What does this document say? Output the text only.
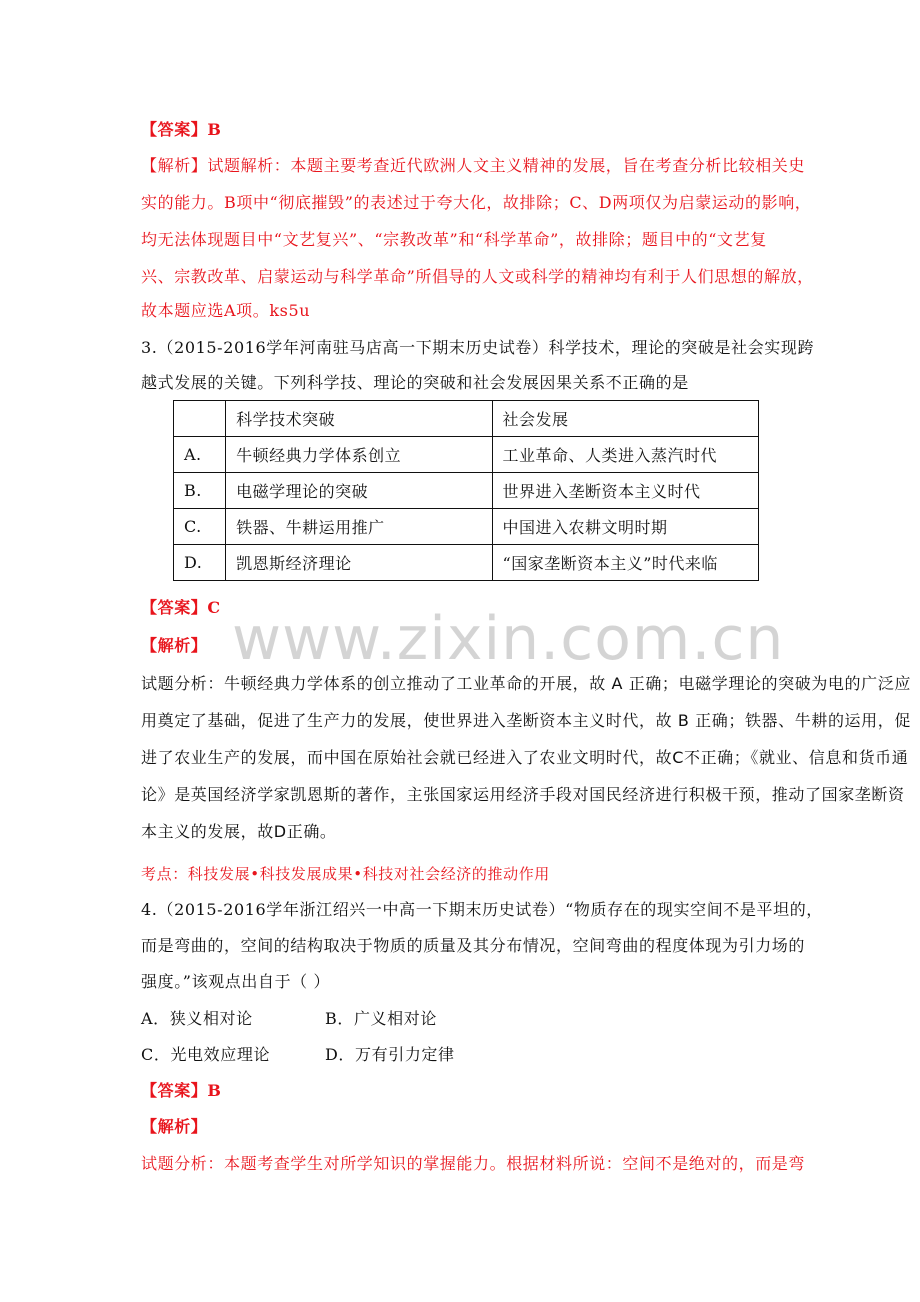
【答案】B
【解析】试题解析：本题主要考查近代欧洲人文主义精神的发展，旨在考查分析比较相关史
实的能力。B项中“彻底摧毁”的表述过于夸大化，故排除；C、D两项仅为启蒙运动的影响，
均无法体现题目中“文艺复兴”、“宗教改革”和“科学革命”，故排除；题目中的“文艺复
兴、宗教改革、启蒙运动与科学革命”所倡导的人文或科学的精神均有利于人们思想的解放，
故本题应选A项。ks5u
3.（2015-2016学年河南驻马店高一下期末历史试卷）科学技术，理论的突破是社会实现跨
越式发展的关键。下列科学技、理论的突破和社会发展因果关系不正确的是
	科学技术突破	社会发展
A.	牛顿经典力学体系创立	工业革命、人类进入蒸汽时代
B.	电磁学理论的突破	世界进入垄断资本主义时代
C.	铁器、牛耕运用推广	中国进入农耕文明时期
D.	凯恩斯经济理论	“国家垄断资本主义”时代来临
【答案】C
【解析】 www.zixin.com.cn
试题分析：牛顿经典力学体系的创立推动了工业革命的开展，故 A 正确；电磁学理论的突破为电的广泛应
用奠定了基础，促进了生产力的发展，使世界进入垄断资本主义时代，故 B 正确；铁器、牛耕的运用，促
进了农业生产的发展，而中国在原始社会就已经进入了农业文明时代，故C不正确；《就业、信息和货币通
论》是英国经济学家凯恩斯的著作，主张国家运用经济手段对国民经济进行积极干预，推动了国家垄断资
本主义的发展，故D正确。
考点：科技发展•科技发展成果•科技对社会经济的推动作用
4.（2015-2016学年浙江绍兴一中高一下期末历史试卷）“物质存在的现实空间不是平坦的，
而是弯曲的，空间的结构取决于物质的质量及其分布情况，空间弯曲的程度体现为引力场的
强度。”该观点出自于（ ）
A．狭义相对论	B．广义相对论
C．光电效应理论	D．万有引力定律
【答案】B
【解析】
试题分析：本题考查学生对所学知识的掌握能力。根据材料所说：空间不是绝对的，而是弯
